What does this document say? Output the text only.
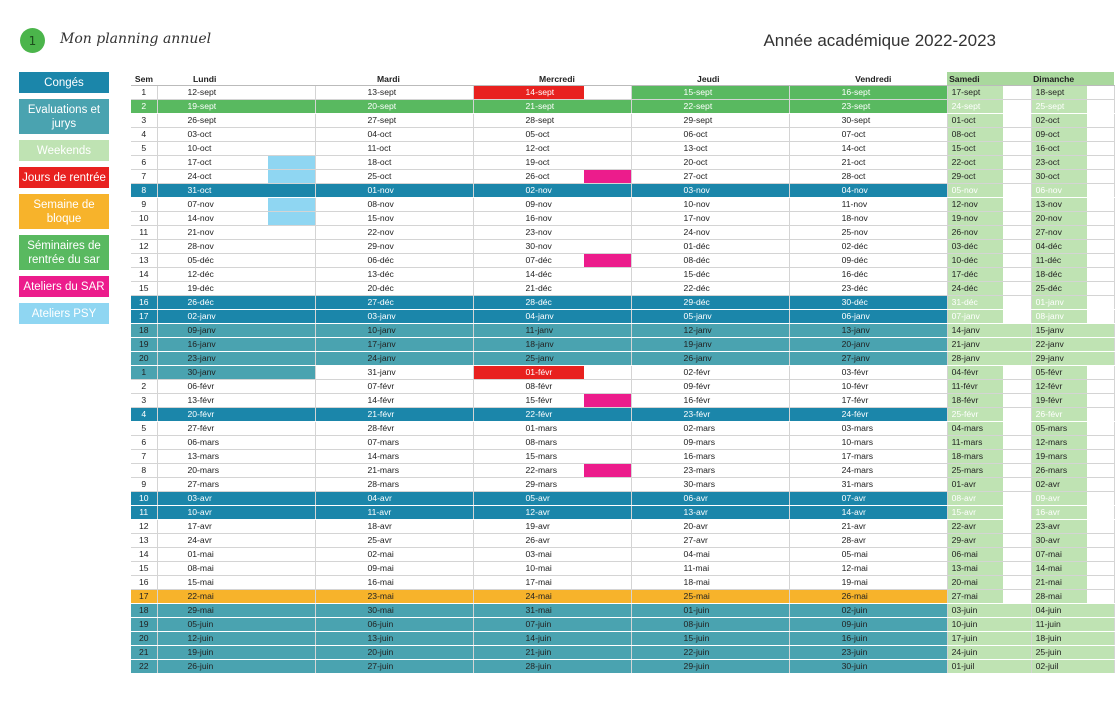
1	Mon planning annuel	Année académique 2022-2023
Congés
Evaluations et jurys
Weekends
Jours de rentrée
Semaine de bloque
Séminaires de rentrée du sar
Ateliers du SAR
Ateliers PSY
Sem	Lundi		Mardi		Mercredi		Jeudi		Vendredi		Samedi		Dimanche	
1	12-sept		13-sept		14-sept		15-sept		16-sept		17-sept		18-sept	
2	19-sept		20-sept		21-sept		22-sept		23-sept		24-sept		25-sept	
3	26-sept		27-sept		28-sept		29-sept		30-sept		01-oct		02-oct	
4	03-oct		04-oct		05-oct		06-oct		07-oct		08-oct		09-oct	
5	10-oct		11-oct		12-oct		13-oct		14-oct		15-oct		16-oct	
6	17-oct		18-oct		19-oct		20-oct		21-oct		22-oct		23-oct	
7	24-oct		25-oct		26-oct		27-oct		28-oct		29-oct		30-oct	
8	31-oct		01-nov		02-nov		03-nov		04-nov		05-nov		06-nov	
9	07-nov		08-nov		09-nov		10-nov		11-nov		12-nov		13-nov	
10	14-nov		15-nov		16-nov		17-nov		18-nov		19-nov		20-nov	
11	21-nov		22-nov		23-nov		24-nov		25-nov		26-nov		27-nov	
12	28-nov		29-nov		30-nov		01-déc		02-déc		03-déc		04-déc	
13	05-déc		06-déc		07-déc		08-déc		09-déc		10-déc		11-déc	
14	12-déc		13-déc		14-déc		15-déc		16-déc		17-déc		18-déc	
15	19-déc		20-déc		21-déc		22-déc		23-déc		24-déc		25-déc	
16	26-déc		27-déc		28-déc		29-déc		30-déc		31-déc		01-janv	
17	02-janv		03-janv		04-janv		05-janv		06-janv		07-janv		08-janv	
18	09-janv		10-janv		11-janv		12-janv		13-janv		14-janv		15-janv	
19	16-janv		17-janv		18-janv		19-janv		20-janv		21-janv		22-janv	
20	23-janv		24-janv		25-janv		26-janv		27-janv		28-janv		29-janv	
1	30-janv		31-janv		01-févr		02-févr		03-févr		04-févr		05-févr	
2	06-févr		07-févr		08-févr		09-févr		10-févr		11-févr		12-févr	
3	13-févr		14-févr		15-févr		16-févr		17-févr		18-févr		19-févr	
4	20-févr		21-févr		22-févr		23-févr		24-févr		25-févr		26-févr	
5	27-févr		28-févr		01-mars		02-mars		03-mars		04-mars		05-mars	
6	06-mars		07-mars		08-mars		09-mars		10-mars		11-mars		12-mars	
7	13-mars		14-mars		15-mars		16-mars		17-mars		18-mars		19-mars	
8	20-mars		21-mars		22-mars		23-mars		24-mars		25-mars		26-mars	
9	27-mars		28-mars		29-mars		30-mars		31-mars		01-avr		02-avr	
10	03-avr		04-avr		05-avr		06-avr		07-avr		08-avr		09-avr	
11	10-avr		11-avr		12-avr		13-avr		14-avr		15-avr		16-avr	
12	17-avr		18-avr		19-avr		20-avr		21-avr		22-avr		23-avr	
13	24-avr		25-avr		26-avr		27-avr		28-avr		29-avr		30-avr	
14	01-mai		02-mai		03-mai		04-mai		05-mai		06-mai		07-mai	
15	08-mai		09-mai		10-mai		11-mai		12-mai		13-mai		14-mai	
16	15-mai		16-mai		17-mai		18-mai		19-mai		20-mai		21-mai	
17	22-mai		23-mai		24-mai		25-mai		26-mai		27-mai		28-mai	
18	29-mai		30-mai		31-mai		01-juin		02-juin		03-juin		04-juin	
19	05-juin		06-juin		07-juin		08-juin		09-juin		10-juin		11-juin	
20	12-juin		13-juin		14-juin		15-juin		16-juin		17-juin		18-juin	
21	19-juin		20-juin		21-juin		22-juin		23-juin		24-juin		25-juin	
22	26-juin		27-juin		28-juin		29-juin		30-juin		01-juil		02-juil	
